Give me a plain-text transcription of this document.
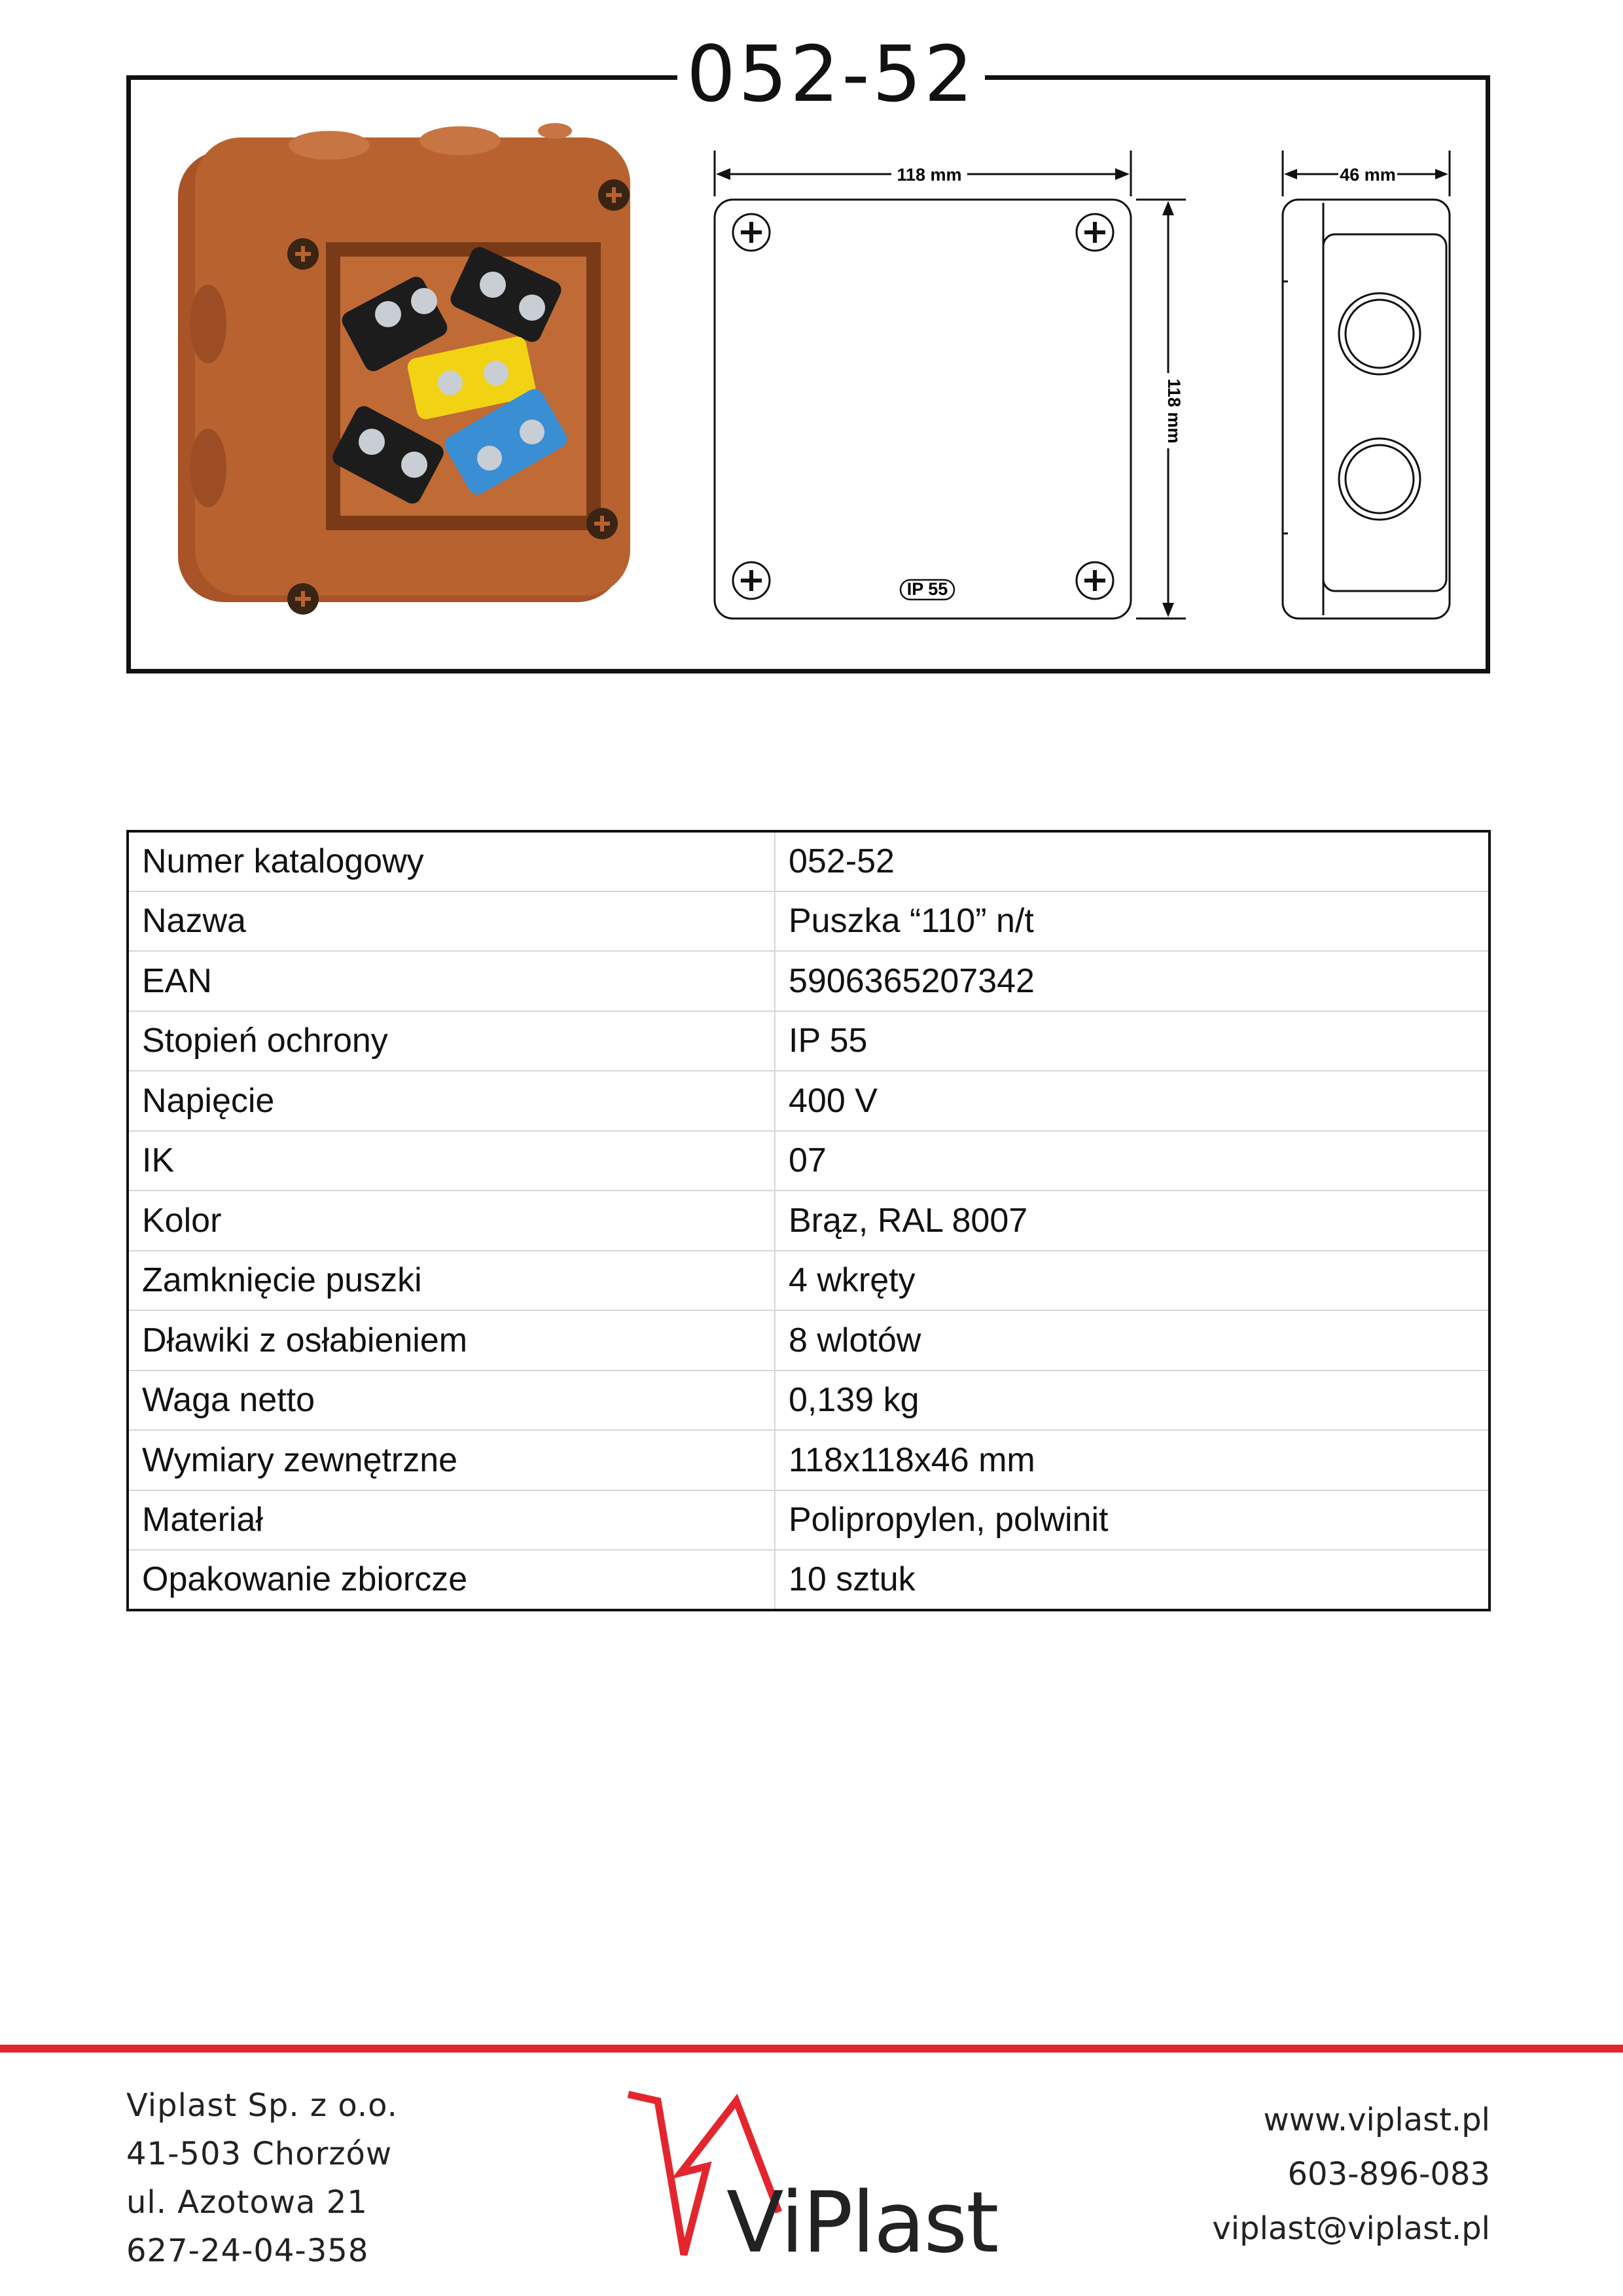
052-52
IP 55
118 mm
118 mm
46 mm
Numer katalogowy	052-52
Nazwa	Puszka “110” n/t
EAN	5906365207342
Stopień ochrony	IP 55
Napięcie	400 V
IK	07
Kolor	Brąz, RAL 8007
Zamknięcie puszki	4 wkręty
Dławiki z osłabieniem	8 wlotów
Waga netto	0,139 kg
Wymiary zewnętrzne	118x118x46 mm
Materiał	Polipropylen, polwinit
Opakowanie zbiorcze	10 sztuk
Viplast Sp. z o.o.
41-503 Chorzów
ul. Azotowa 21
627-24-04-358	ViPlast
www.viplast.pl
603-896-083
viplast@viplast.pl
